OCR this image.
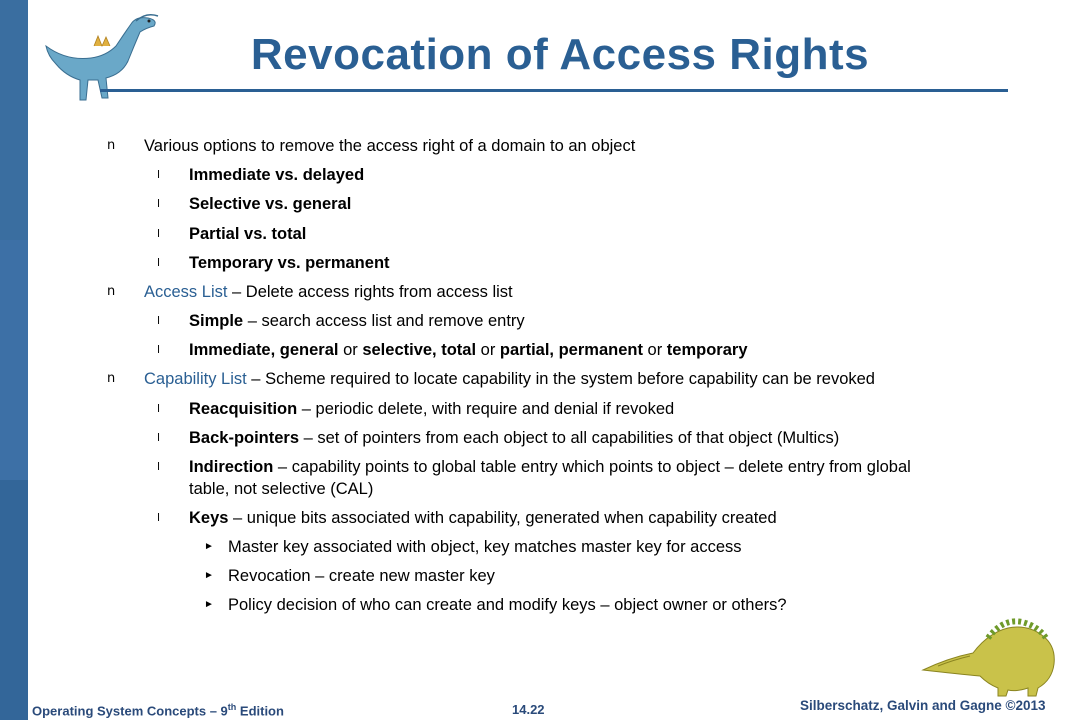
Revocation of Access Rights
n Various options to remove the access right of a domain to an object
l Immediate vs. delayed
l Selective vs. general
l Partial vs. total
l Temporary vs. permanent
n Access List – Delete access rights from access list
l Simple – search access list and remove entry
l Immediate, general or selective, total or partial, permanent or temporary
n Capability List – Scheme required to locate capability in the system before capability can be revoked
l Reacquisition – periodic delete, with require and denial if revoked
l Back-pointers – set of pointers from each object to all capabilities of that object (Multics)
l Indirection – capability points to global table entry which points to object – delete entry from global
table, not selective (CAL)
l Keys – unique bits associated with capability, generated when capability created
► Master key associated with object, key matches master key for access
► Revocation – create new master key
► Policy decision of who can create and modify keys – object owner or others?
Operating System Concepts – 9th Edition	14.22	Silberschatz, Galvin and Gagne ©2013
